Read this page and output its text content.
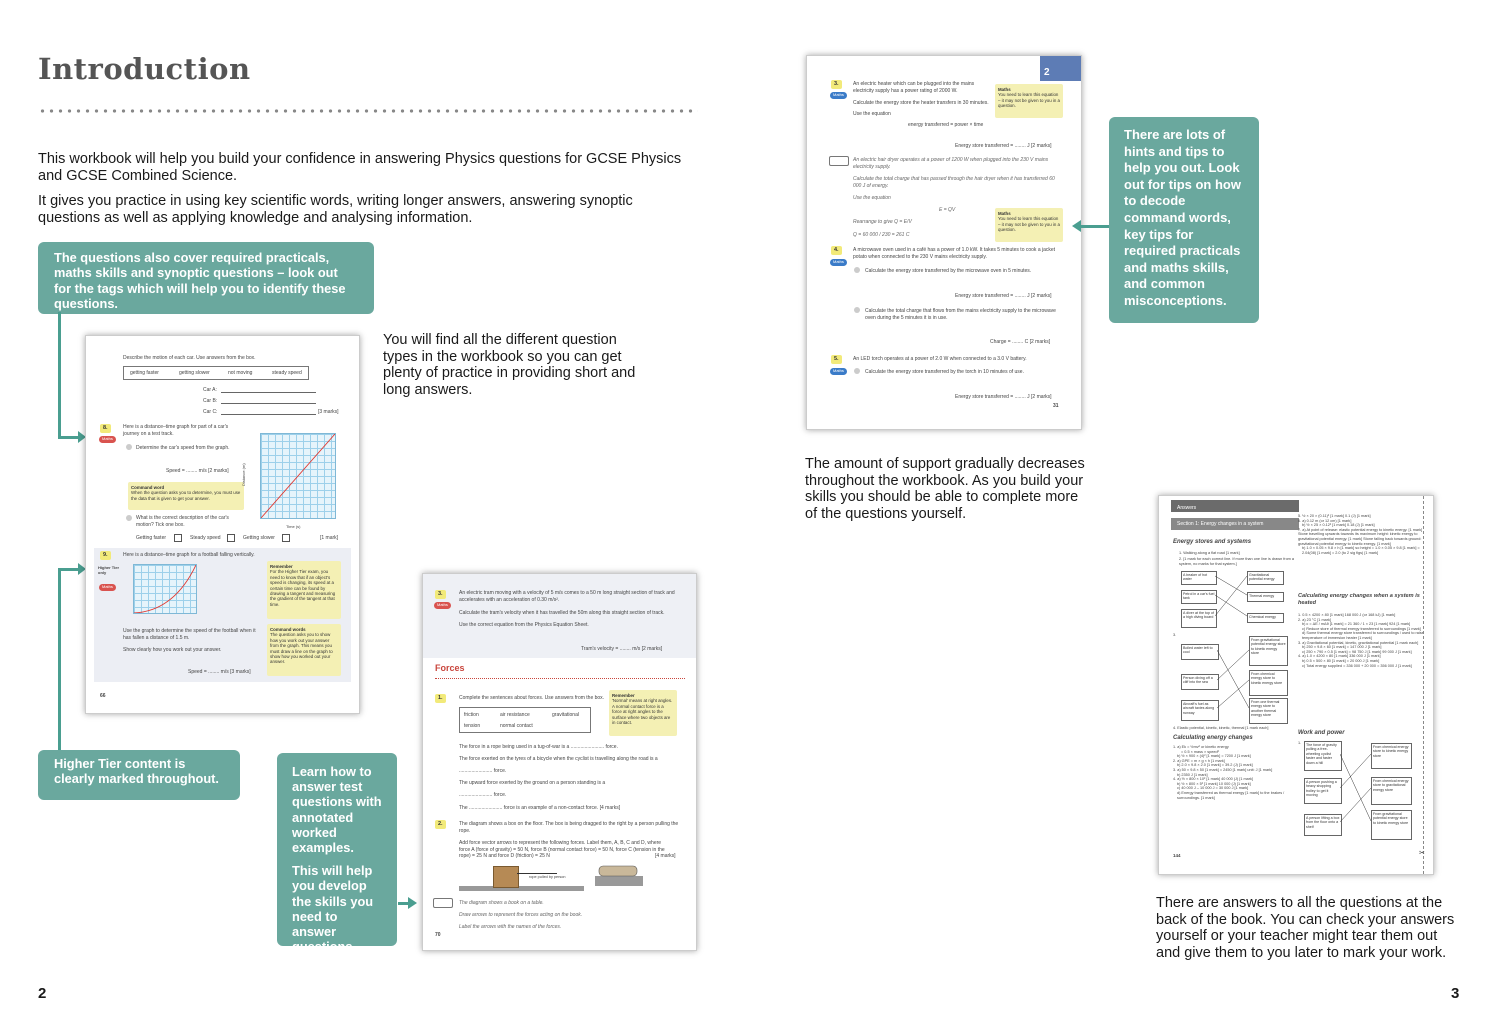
Introduction
This workbook will help you build your confidence in answering Physics questions for GCSE Physics and GCSE Combined Science.
It gives you practice in using key scientific words, writing longer answers, answering synoptic questions as well as applying knowledge and analysing information.
The questions also cover required practicals, maths skills and synoptic questions – look out for the tags which will help you to identify these questions.
Higher Tier content is clearly marked throughout.
Describe the motion of each car. Use answers from the box.
getting faster	getting slower	not moving	steady speed
Car A:
Car B:
Car C:	[3 marks]
8.
Maths
Here is a distance–time graph for part of a car's journey on a test track.
Determine the car's speed from the graph.
Speed = ........ m/s [2 marks]
Command word
When the question asks you to determine, you must use the data that is given to get your answer.
Time (s)
Distance (m)
What is the correct description of the car's motion? Tick one box.
Getting faster	Steady speed	Getting slower	[1 mark]
9.	Here is a distance–time graph for a football falling vertically.
Higher Tier only
Maths
Remember
For the Higher Tier exam, you need to know that if an object's speed is changing, its speed at a certain time can be found by drawing a tangent and measuring the gradient of the tangent at that time.
Command words
The question asks you to show how you work out your answer from the graph. This means you must draw a line on the graph to show how you worked out your answer.
Use the graph to determine the speed of the football when it has fallen a distance of 1.5 m.
Show clearly how you work out your answer.
Speed = ........ m/s [3 marks]
66
You will find all the different question types in the workbook so you can get plenty of practice in providing short and long answers.
Learn how to answer test questions with annotated worked examples.
This will help you develop the skills you need to answer questions.
3.
Maths
An electric tram moving with a velocity of 5 m/s comes to a 50 m long straight section of track and accelerates with an acceleration of 0.30 m/s².
Calculate the tram's velocity when it has travelled the 50m along this straight section of track.
Use the correct equation from the Physics Equation Sheet.
Tram's velocity = ........ m/s [2 marks]
Forces
1.	Complete the sentences about forces. Use answers from the box.
friction	air resistance	gravitational
tension	normal contact
Remember
'Normal' means at right angles. A normal contact force is a force at right angles to the surface where two objects are in contact.
The force in a rope being used in a tug-of-war is a ........................ force.
The force exerted on the tyres of a bicycle when the cyclist is travelling along the road is a
........................ force.
The upward force exerted by the ground on a person standing is a
........................ force.
The ........................ force is an example of a non-contact force. [4 marks]
2.	The diagram shows a box on the floor. The box is being dragged to the right by a person pulling the rope.
Add force vector arrows to represent the following forces. Label them, A, B, C and D, where force A (force of gravity) = 50 N, force B (normal contact force) = 50 N, force C (tension in the rope) = 25 N and force D (friction) = 25 N	[4 marks]
rope pulled by person
The diagram shows a book on a table.
Draw arrows to represent the forces acting on the book.
Label the arrows with the names of the forces.
70
2
2
3.
Maths
An electric heater which can be plugged into the mains electricity supply has a power rating of 2000 W.
Calculate the energy store the heater transfers in 30 minutes.
Use the equation
energy transferred = power × time
Maths
You need to learn this equation – it may not be given to you in a question.
Energy store transferred = ........ J [2 marks]
An electric hair dryer operates at a power of 1200 W when plugged into the 230 V mains electricity supply.
Calculate the total charge that has passed through the hair dryer when it has transferred 60 000 J of energy.
Use the equation
E = QV
Rearrange to give Q = E/V
Q = 60 000 / 230 = 261 C
Maths
You need to learn this equation – it may not be given to you in a question.
4.
Maths
A microwave oven used in a café has a power of 1.0 kW. It takes 5 minutes to cook a jacket potato when connected to the 230 V mains electricity supply.
Calculate the energy store transferred by the microwave oven in 5 minutes.
Energy store transferred = ........ J [2 marks]
Calculate the total charge that flows from the mains electricity supply to the microwave oven during the 5 minutes it is in use.
Charge = ........ C [2 marks]
5.	An LED torch operates at a power of 2.0 W when connected to a 3.0 V battery.
Maths	Calculate the energy store transferred by the torch in 10 minutes of use.
Energy store transferred = ........ J [2 marks]
31
There are lots of hints and tips to help you out. Look out for tips on how to decode command words, key tips for required practicals and maths skills, and common misconceptions.
The amount of support gradually decreases throughout the workbook. As you build your skills you should be able to complete more of the questions yourself.	Answers
Section 1: Energy changes in a system
Energy stores and systems
1. Walking along a flat road [1 mark]
2. [1 mark for each correct line. If more than one line is drawn from a system, no marks for that system.]
A beaker of hot water
Petrol in a car's fuel tank
A diver at the top of a high diving board
Gravitational potential energy
Thermal energy
Chemical energy
3.
Boiled water left to cool
Person diving off a cliff into the sea
Aircraft's fuel as aircraft taxies along runway
From gravitational potential energy store to kinetic energy store
From chemical energy store to kinetic energy store
From one thermal energy store to another thermal energy store
4. Elastic potential, kinetic, kinetic, thermal [1 mark each]
Calculating energy changes
1. a) Ek = ½mv² or kinetic energy
= 0.5 × mass × speed²
b) ½ × 900 × (4)² [1 mark] = 7200 J [1 mark]
2. a) GPE = m × g × h [1 mark]
b) 2.0 × 9.8 × 2.0 [1 mark] = 39.2 (J) [1 mark]
3. a) 50 × 9.8 × 50 [1 mark] = 2450 [1 mark] unit: J [1 mark]
b) 2350 J [1 mark]
4. a) ½ × 800 × 10² [1 mark] 40 000 (J) [1 mark]
b) ½ × 800 × 5² [1 mark] 10 000 (J) [1 mark]
c) 40 000 J – 10 000 J = 30 000 J [1 mark]
d) Energy transferred as thermal energy [1 mark] to the brakes / surroundings. [1 mark]
144
5. ½ × 20 × (0.11)² [1 mark] 0.1 (J) [1 mark]
6. a) 0.12 m (or 12 cm) [1 mark]
b) ½ × 25 × 0.12² [1 mark] 0.18 (J) [1 mark]
7. a) At point of release: elastic potential energy to kinetic energy. [1 mark] Stone travelling upwards towards its maximum height: kinetic energy to gravitational potential energy. [1 mark] Stone falling back towards ground: gravitational potential energy to kinetic energy. [1 mark]
b) 1.0 × 0.05 × 9.8 × h [1 mark] so height = 1.0 × 0.05 × 9.8 [1 mark] = 2.04(08) [1 mark] = 2.0 (to 2 sig figs) [1 mark]
Calculating energy changes when a system is heated
1. 0.5 × 4200 × 80 [1 mark] 168 000 J (or 168 kJ) [1 mark]
2. a) 23 °C [1 mark]
b) c = ΔE / mΔθ [1 mark] = 21 360 / 1 × 23 [1 mark] 924 [1 mark]
c) Reduce store of thermal energy transferred to surroundings [1 mark]
d) Some thermal energy store transferred to surroundings / used to raise temperature of immersion heater [1 mark]
3. a) Gravitational potential, kinetic, gravitational potential [1 mark each]
b) 250 × 9.8 × 60 [1 mark] = 147 000 J [1 mark]
c) 250 × 790 × 0.5 [1 mark] = 98 750 J [1 mark] 99 000 J [1 mark]
4. a) 1.0 × 4200 × 80 [1 mark] 336 000 J [1 mark]
b) 0.5 × 500 × 80 [1 mark] = 20 000 J [1 mark]
c) Total energy supplied = 336 000 + 20 000 = 356 000 J [1 mark]
Work and power
1.	The force of gravity pulling a free-wheeling cyclist faster and faster down a hill
A person pushing a heavy shopping trolley to get it moving
A person lifting a box from the floor onto a shelf
From chemical energy store to kinetic energy store
From chemical energy store to gravitational energy store
From gravitational potential energy store to kinetic energy store
✂
There are answers to all the questions at the back of the book. You can check your answers yourself or your teacher might tear them out and give them to you later to mark your work.
3
